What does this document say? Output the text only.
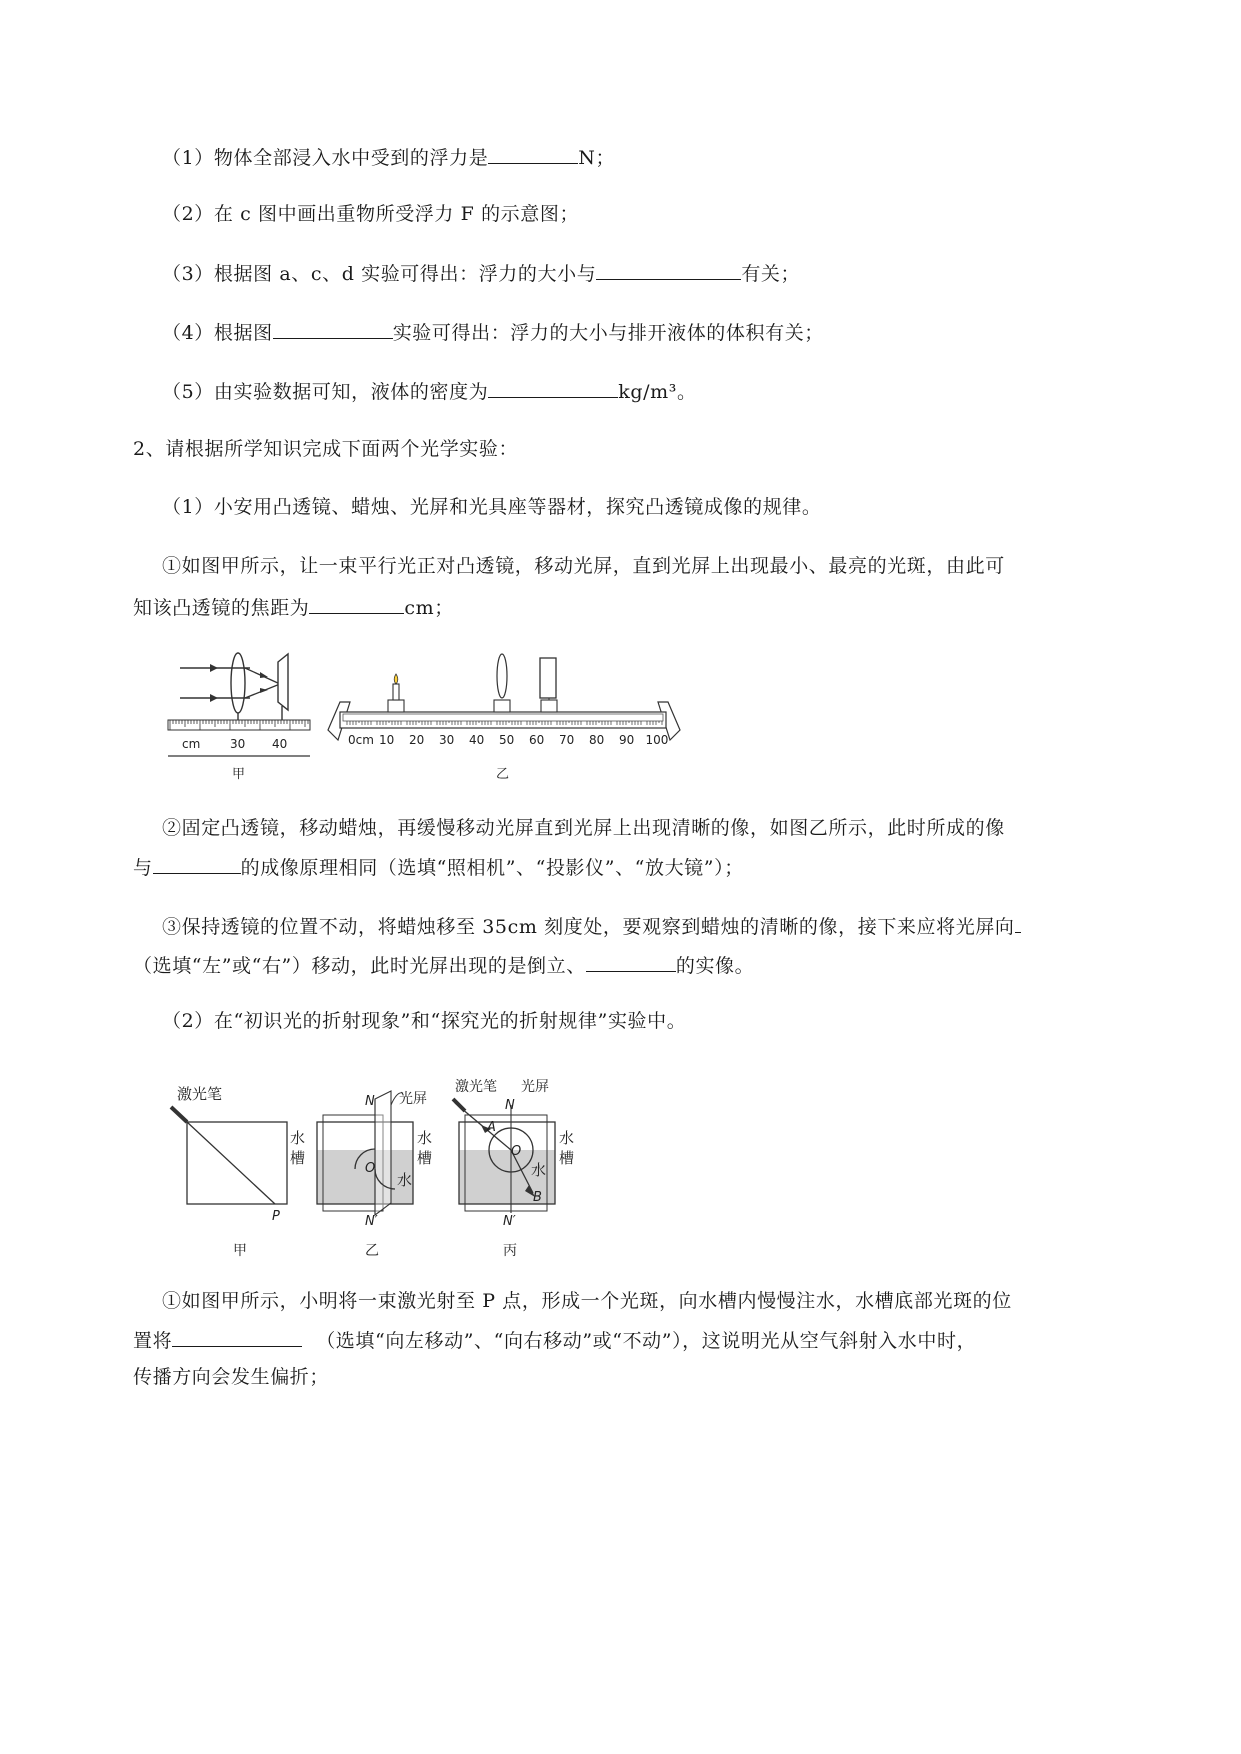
（1）物体全部浸入水中受到的浮力是	N；
（2）在 c 图中画出重物所受浮力 F 的示意图；
（3）根据图 a、c、d 实验可得出：浮力的大小与	有关；
（4）根据图	实验可得出：浮力的大小与排开液体的体积有关；
（5）由实验数据可知，液体的密度为	kg/m³。
2、请根据所学知识完成下面两个光学实验：
（1）小安用凸透镜、蜡烛、光屏和光具座等器材，探究凸透镜成像的规律。
①如图甲所示，让一束平行光正对凸透镜，移动光屏，直到光屏上出现最小、最亮的光斑，由此可
知该凸透镜的焦距为	cm；
cm 30 40
甲
0cm 10 20 30 40 50 60 70 80 90 100
乙
②固定凸透镜，移动蜡烛，再缓慢移动光屏直到光屏上出现清晰的像，如图乙所示，此时所成的像
与	的成像原理相同（选填“照相机”、“投影仪”、“放大镜”）；
③保持透镜的位置不动，将蜡烛移至 35cm 刻度处，要观察到蜡烛的清晰的像，接下来应将光屏向
（选填“左”或“右”）移动，此时光屏出现的是倒立、	的实像。
（2）在“初识光的折射现象”和“探究光的折射规律”实验中。
激光笔
水
槽
P
甲
N 光屏
O
水
槽
水
N′
乙
激光笔
N
光屏
A
O
水
槽
水
B
N′
丙
①如图甲所示，小明将一束激光射至 P 点，形成一个光斑，向水槽内慢慢注水，水槽底部光斑的位
置将	（选填“向左移动”、“向右移动”或“不动”），这说明光从空气斜射入水中时，
传播方向会发生偏折；
